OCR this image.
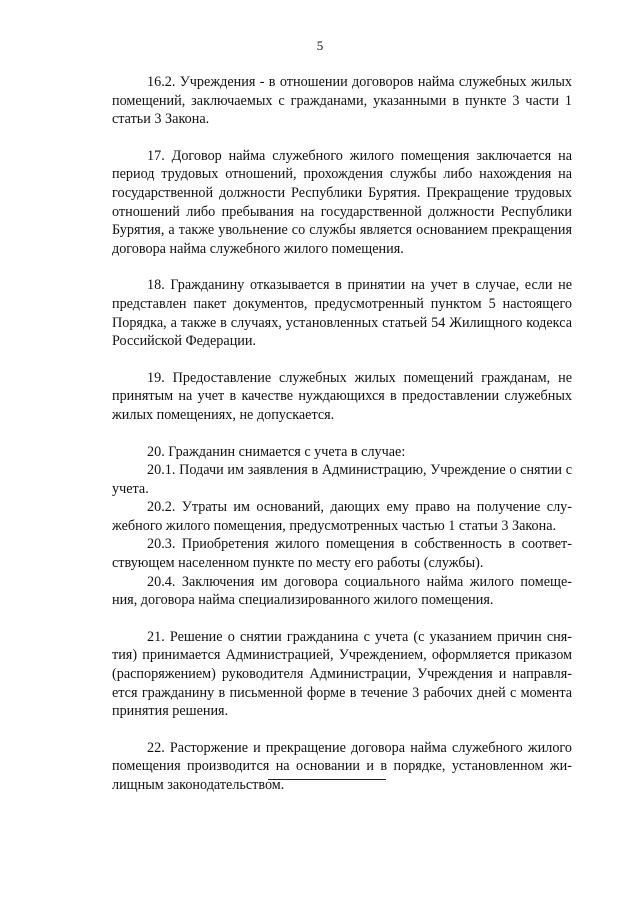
5

16.2. Учреждения - в отношении договоров найма служебных жилых помещений, заключаемых с гражданами, указанными в пункте 3 части 1 статьи 3 Закона.

17. Договор найма служебного жилого помещения заключается на период трудовых отношений, прохождения службы либо нахождения на государственной должности Республики Бурятия. Прекращение трудовых отношений либо пребывания на государственной должности Республики Бурятия, а также увольнение со службы является основанием прекращения договора найма служебного жилого помещения.

18. Гражданину отказывается в принятии на учет в случае, если не представлен пакет документов, предусмотренный пунктом 5 настоящего Порядка, а также в случаях, установленных статьей 54 Жилищного кодекса Российской Федерации.

19. Предоставление служебных жилых помещений гражданам, не принятым на учет в качестве нуждающихся в предоставлении служебных жилых помещениях, не допускается.

20. Гражданин снимается с учета в случае:

20.1. Подачи им заявления в Администрацию, Учреждение о снятии с учета.

20.2. Утраты им оснований, дающих ему право на получение служебного жилого помещения, предусмотренных частью 1 статьи 3 Закона.

20.3. Приобретения жилого помещения в собственность в соответствующем населенном пункте по месту его работы (службы).

20.4. Заключения им договора социального найма жилого помещения, договора найма специализированного жилого помещения.

21. Решение о снятии гражданина с учета (с указанием причин снятия) принимается Администрацией, Учреждением, оформляется приказом (распоряжением) руководителя Администрации, Учреждения и направляется гражданину в письменной форме в течение 3 рабочих дней с момента принятия решения.

22. Расторжение и прекращение договора найма служебного жилого помещения производится на основании и в порядке, установленном жилищным законодательством.
